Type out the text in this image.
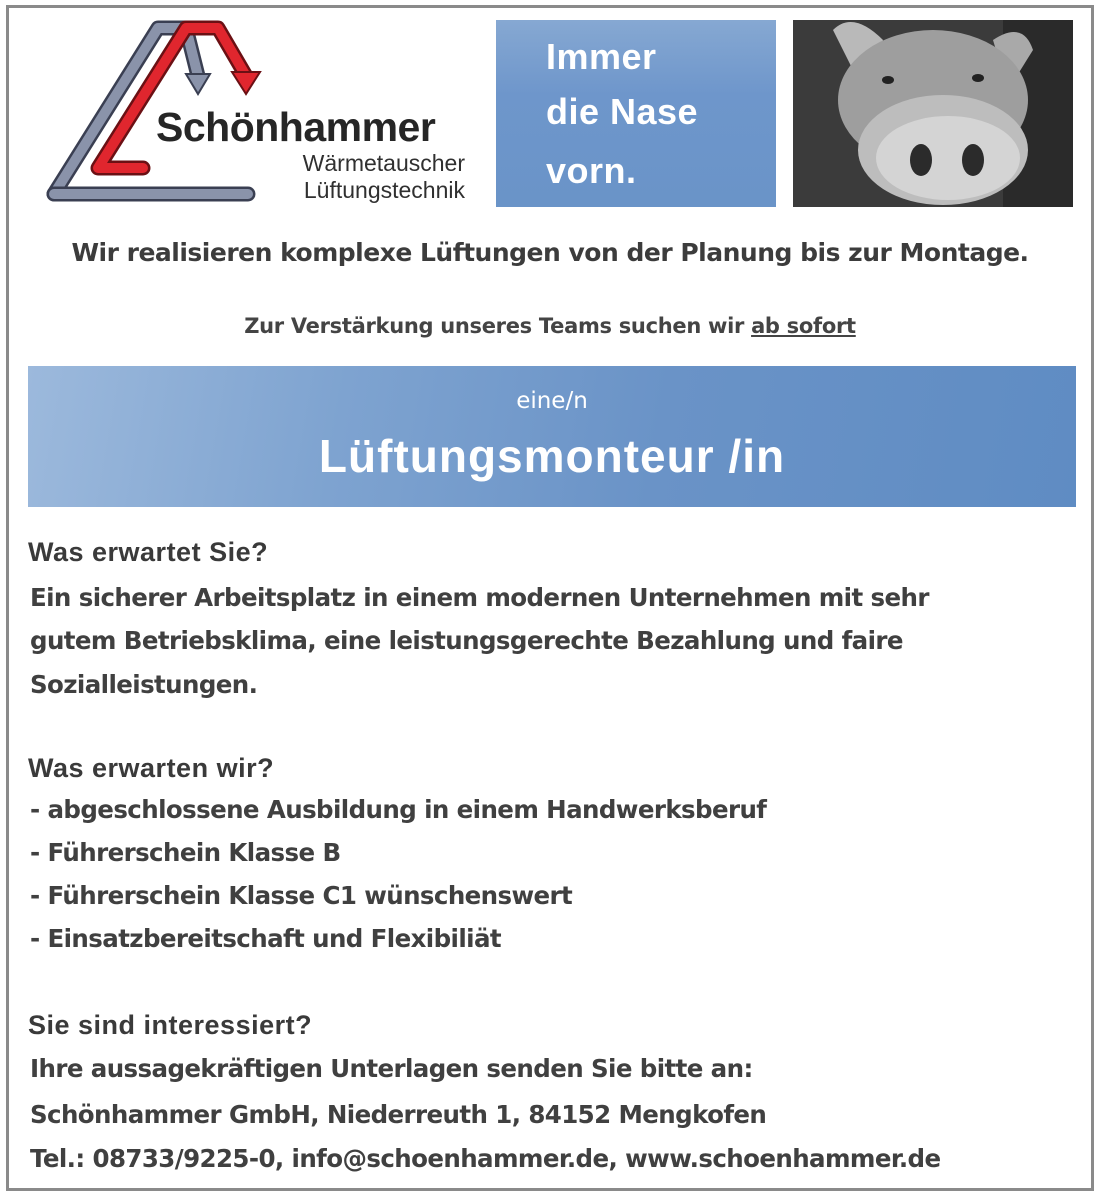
Schönhammer
Wärmetauscher
Lüftungstechnik
Immer
die Nase
vorn.
Wir realisieren komplexe Lüftungen von der Planung bis zur Montage.
Zur Verstärkung unseres Teams suchen wir ab sofort
eine/n
Lüftungsmonteur /in
Was erwartet Sie?
Ein sicherer Arbeitsplatz in einem modernen Unternehmen mit sehr
gutem Betriebsklima, eine leistungsgerechte Bezahlung und faire
Sozialleistungen.
Was erwarten wir?
- abgeschlossene Ausbildung in einem Handwerksberuf
- Führerschein Klasse B
- Führerschein Klasse C1 wünschenswert
- Einsatzbereitschaft und Flexibiliät
Sie sind interessiert?
Ihre aussagekräftigen Unterlagen senden Sie bitte an:
Schönhammer GmbH, Niederreuth 1, 84152 Mengkofen
Tel.: 08733/9225-0, info@schoenhammer.de, www.schoenhammer.de
